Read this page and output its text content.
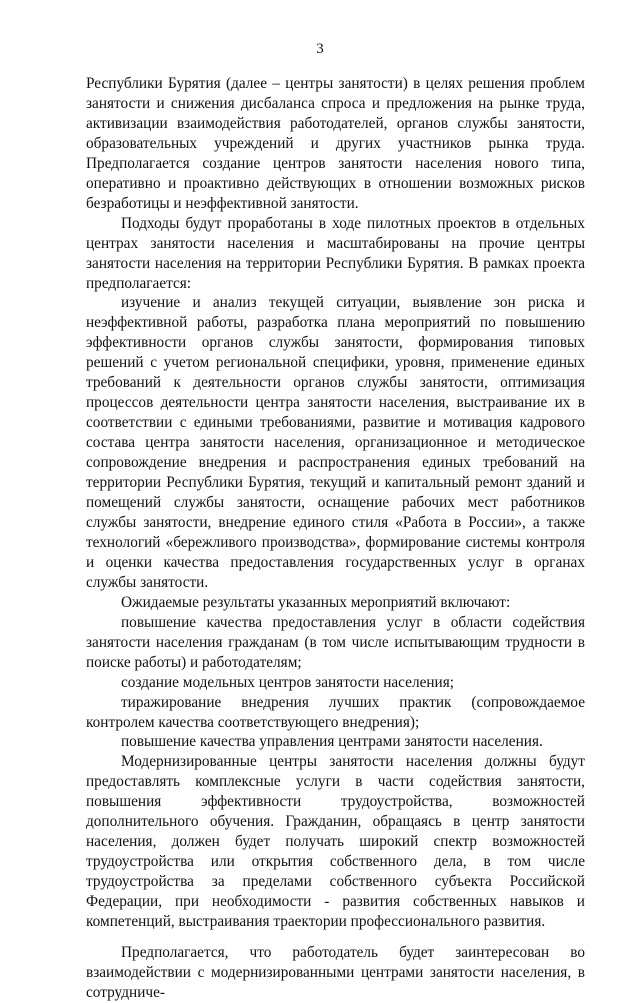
3

Республики Бурятия (далее – центры занятости) в целях решения проблем занятости и снижения дисбаланса спроса и предложения на рынке труда, активизации взаимодействия работодателей, органов службы занятости, образовательных учреждений и других участников рынка труда. Предполагается создание центров занятости населения нового типа, оперативно и проактивно действующих в отношении возможных рисков безработицы и неэффективной занятости.

Подходы будут проработаны в ходе пилотных проектов в отдельных центрах занятости населения и масштабированы на прочие центры занятости населения на территории Республики Бурятия. В рамках проекта предполагается:

изучение и анализ текущей ситуации, выявление зон риска и неэффективной работы, разработка плана мероприятий по повышению эффективности органов службы занятости, формирования типовых решений с учетом региональной специфики, уровня, применение единых требований к деятельности органов службы занятости, оптимизация процессов деятельности центра занятости населения, выстраивание их в соответствии с едиными требованиями, развитие и мотивация кадрового состава центра занятости населения, организационное и методическое сопровождение внедрения и распространения единых требований на территории Республики Бурятия, текущий и капитальный ремонт зданий и помещений службы занятости, оснащение рабочих мест работников службы занятости, внедрение единого стиля «Работа в России», а также технологий «бережливого производства», формирование системы контроля и оценки качества предоставления государственных услуг в органах службы занятости.

Ожидаемые результаты указанных мероприятий включают:

повышение качества предоставления услуг в области содействия занятости населения гражданам (в том числе испытывающим трудности в поиске работы) и работодателям;

создание модельных центров занятости населения;

тиражирование внедрения лучших практик (сопровождаемое контролем качества соответствующего внедрения);

повышение качества управления центрами занятости населения.

Модернизированные центры занятости населения должны будут предоставлять комплексные услуги в части содействия занятости, повышения эффективности трудоустройства, возможностей дополнительного обучения. Гражданин, обращаясь в центр занятости населения, должен будет получать широкий спектр возможностей трудоустройства или открытия собственного дела, в том числе трудоустройства за пределами собственного субъекта Российской Федерации, при необходимости - развития собственных навыков и компетенций, выстраивания траектории профессионального развития.

Предполагается, что работодатель будет заинтересован во взаимодействии с модернизированными центрами занятости населения, в сотрудниче-
